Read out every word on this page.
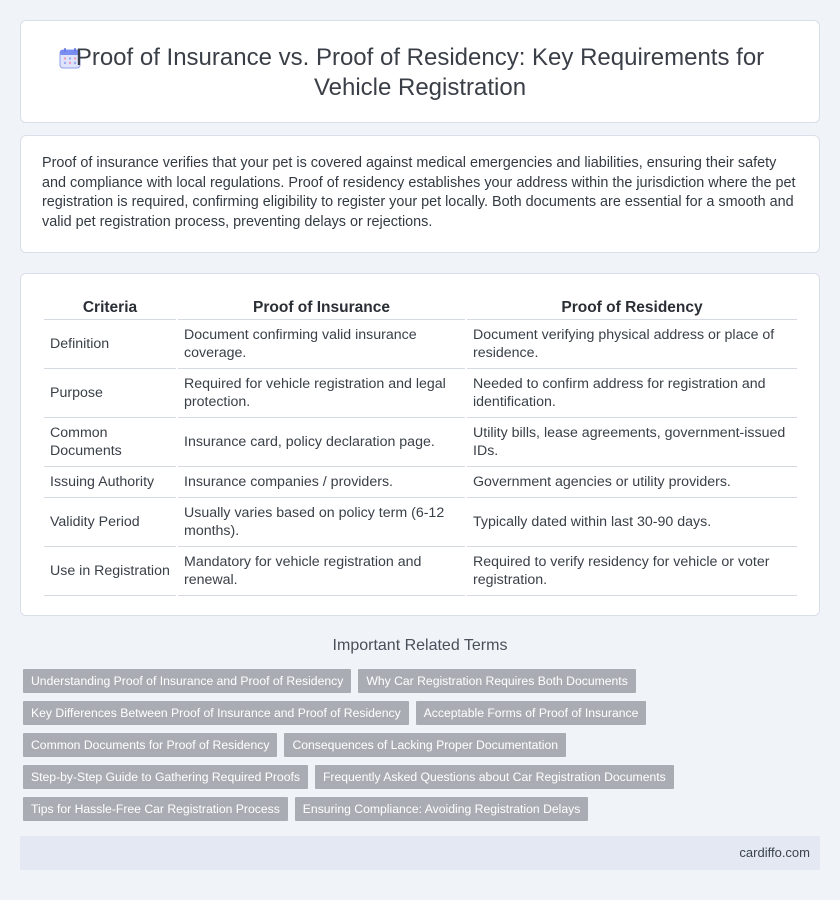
Proof of Insurance vs. Proof of Residency: Key Requirements for
Vehicle Registration

Proof of insurance verifies that your pet is covered against medical emergencies and liabilities, ensuring their safety and compliance with local regulations. Proof of residency establishes your address within the jurisdiction where the pet registration is required, confirming eligibility to register your pet locally. Both documents are essential for a smooth and valid pet registration process, preventing delays or rejections.

Criteria	Proof of Insurance	Proof of Residency
Definition	Document confirming valid insurance coverage.	Document verifying physical address or place of residence.
Purpose	Required for vehicle registration and legal protection.	Needed to confirm address for registration and identification.
Common Documents	Insurance card, policy declaration page.	Utility bills, lease agreements, government-issued IDs.
Issuing Authority	Insurance companies / providers.	Government agencies or utility providers.
Validity Period	Usually varies based on policy term (6-12 months).	Typically dated within last 30-90 days.
Use in Registration	Mandatory for vehicle registration and renewal.	Required to verify residency for vehicle or voter registration.
Important Related Terms
Understanding Proof of Insurance and Proof of Residency	Why Car Registration Requires Both Documents
Key Differences Between Proof of Insurance and Proof of Residency	Acceptable Forms of Proof of Insurance
Common Documents for Proof of Residency	Consequences of Lacking Proper Documentation
Step-by-Step Guide to Gathering Required Proofs	Frequently Asked Questions about Car Registration Documents
Tips for Hassle-Free Car Registration Process	Ensuring Compliance: Avoiding Registration Delays
cardiffo.com
